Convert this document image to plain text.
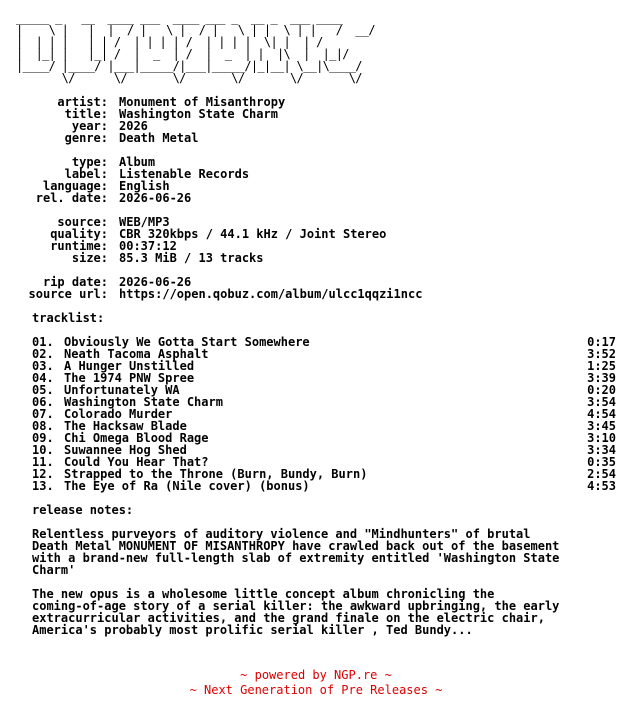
_____ _   __  ____ ___  ____ ___ _  __ _  ___ ____
|    \ |   |  |  / |   \ |  / |   \ | |  \ | |   /  __/
|  | | |   | | /  | | | | /  | | | |  \| |  | /
|  |_| |   |_| /  |  _  | /  |  _  | |  |\  |  |_|/
|____/ |____/ |___|_____/|___|_____/|_|__| \__|\____/
\/      \/       \/       \/       \/       \/
artist: Monument of Misanthropy
title: Washington State Charm
year: 2026
genre: Death Metal
type: Album
label: Listenable Records
language: English
rel. date: 2026-06-26
source: WEB/MP3
quality: CBR 320kbps / 44.1 kHz / Joint Stereo
runtime: 00:37:12
size: 85.3 MiB / 13 tracks
rip date: 2026-06-26
source url: https://open.qobuz.com/album/ulcc1qqzi1ncc
tracklist:
01. Obviously We Gotta Start Somewhere	0:17
02. Neath Tacoma Asphalt	3:52
03. A Hunger Unstilled	1:25
04. The 1974 PNW Spree	3:39
05. Unfortunately WA	0:20
06. Washington State Charm	3:54
07. Colorado Murder	4:54
08. The Hacksaw Blade	3:45
09. Chi Omega Blood Rage	3:10
10. Suwannee Hog Shed	3:34
11. Could You Hear That?	0:35
12. Strapped to the Throne (Burn, Bundy, Burn)	2:54
13. The Eye of Ra (Nile cover) (bonus)	4:53
release notes:
Relentless purveyors of auditory violence and "Mindhunters" of brutal
Death Metal MONUMENT OF MISANTHROPY have crawled back out of the basement
with a brand-new full-length slab of extremity entitled 'Washington State
Charm'
The new opus is a wholesome little concept album chronicling the
coming-of-age story of a serial killer: the awkward upbringing, the early
extracurricular activities, and the grand finale on the electric chair,
America's probably most prolific serial killer , Ted Bundy...
~ powered by NGP.re ~
~ Next Generation of Pre Releases ~
